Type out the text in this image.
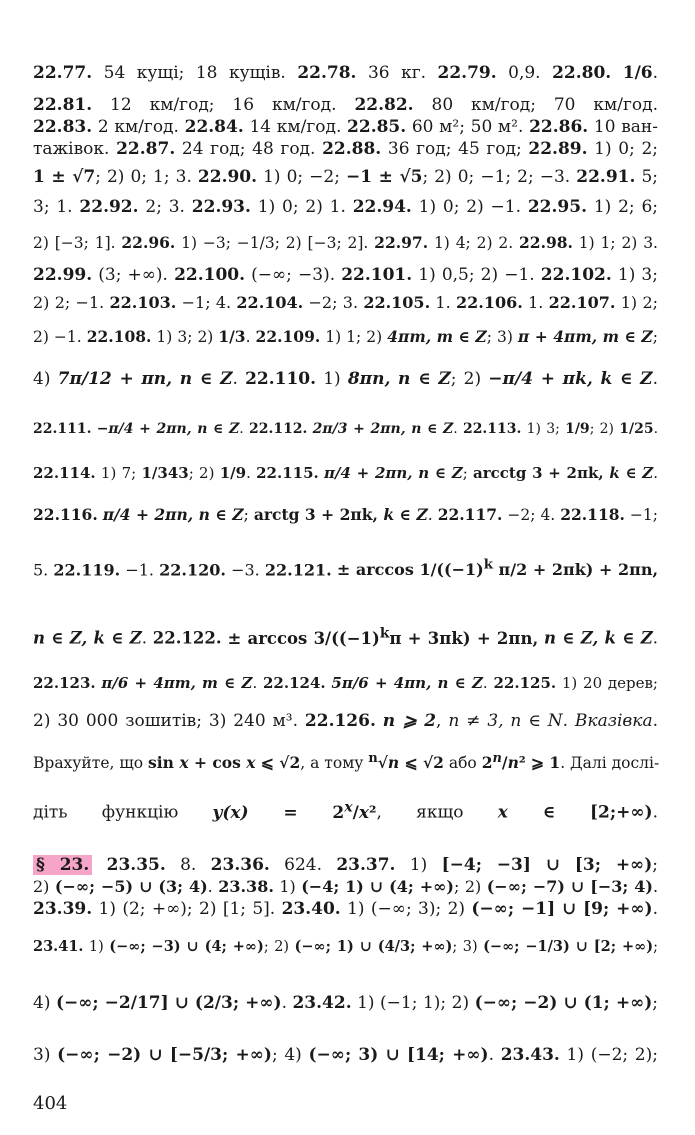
22.77. 54 кущі; 18 кущів. 22.78. 36 кг. 22.79. 0,9. 22.80. 1/6.
22.81. 12 км/год; 16 км/год. 22.82. 80 км/год; 70 км/год.
22.83. 2 км/год. 22.84. 14 км/год. 22.85. 60 м²; 50 м². 22.86. 10 ван-
тажівок. 22.87. 24 год; 48 год. 22.88. 36 год; 45 год; 22.89. 1) 0; 2;
1 ± √7; 2) 0; 1; 3. 22.90. 1) 0; −2; −1 ± √5; 2) 0; −1; 2; −3. 22.91. 5;
3; 1. 22.92. 2; 3. 22.93. 1) 0; 2) 1. 22.94. 1) 0; 2) −1. 22.95. 1) 2; 6;
2) [−3; 1]. 22.96. 1) −3; −1/3; 2) [−3; 2]. 22.97. 1) 4; 2) 2. 22.98. 1) 1; 2) 3.
22.99. (3; +∞). 22.100. (−∞; −3). 22.101. 1) 0,5; 2) −1. 22.102. 1) 3;
2) 2; −1. 22.103. −1; 4. 22.104. −2; 3. 22.105. 1. 22.106. 1. 22.107. 1) 2;
2) −1. 22.108. 1) 3; 2) 1/3. 22.109. 1) 1; 2) 4πm, m ∈ Z; 3) π + 4πm, m ∈ Z;
4) 7π/12 + πn, n ∈ Z. 22.110. 1) 8πn, n ∈ Z; 2) −π/4 + πk, k ∈ Z.
22.111. −π/4 + 2πn, n ∈ Z. 22.112. 2π/3 + 2πn, n ∈ Z. 22.113. 1) 3; 1/9; 2) 1/25.
22.114. 1) 7; 1/343; 2) 1/9. 22.115. π/4 + 2πn, n ∈ Z; arcctg 3 + 2πk, k ∈ Z.
22.116. π/4 + 2πn, n ∈ Z; arctg 3 + 2πk, k ∈ Z. 22.117. −2; 4. 22.118. −1;
5. 22.119. −1. 22.120. −3. 22.121. ± $\arccos 1/((-1)^k$ π/2 + 2πk) + 2πn,
n ∈ Z, k ∈ Z. 22.122. ± $\arccos 3/((-1)^k\pi + 3\pi k) + 2\pi n$, n ∈ Z, k ∈ Z.
22.123. π/6 + 4πm, m ∈ Z. 22.124. 5π/6 + 4πn, n ∈ Z. 22.125. 1) 20 дерев;
2) 30 000 зошитів; 3) 240 м³. 22.126. n ⩾ 2, n ≠ 3, n ∈ N. Вказівка.
Врахуйте, що sin x + cos x ⩽ √2, а тому $^n$√n ⩽ √2 або 2$^n$/n² ⩾ 1. Далі дослі-
діть функцію $y(x) = 2^x/x^2$, якщо x ∈ [2;+∞).
§ 23. 23.35. 8. 23.36. 624. 23.37. 1) [−4; −3] ∪ [3; +∞);
2) (−∞; −5) ∪ (3; 4). 23.38. 1) (−4; 1) ∪ (4; +∞); 2) (−∞; −7) ∪ [−3; 4).
23.39. 1) (2; +∞); 2) [1; 5]. 23.40. 1) (−∞; 3); 2) (−∞; −1] ∪ [9; +∞).
23.41. 1) (−∞; −3) ∪ (4; +∞); 2) (−∞; 1) ∪ (4/3; +∞); 3) (−∞; −1/3) ∪ [2; +∞);
4) (−∞; −2/17] ∪ (2/3; +∞). 23.42. 1) (−1; 1); 2) (−∞; −2) ∪ (1; +∞);
3) (−∞; −2) ∪ [−5/3; +∞); 4) (−∞; 3) ∪ [14; +∞). 23.43. 1) (−2; 2);
404
